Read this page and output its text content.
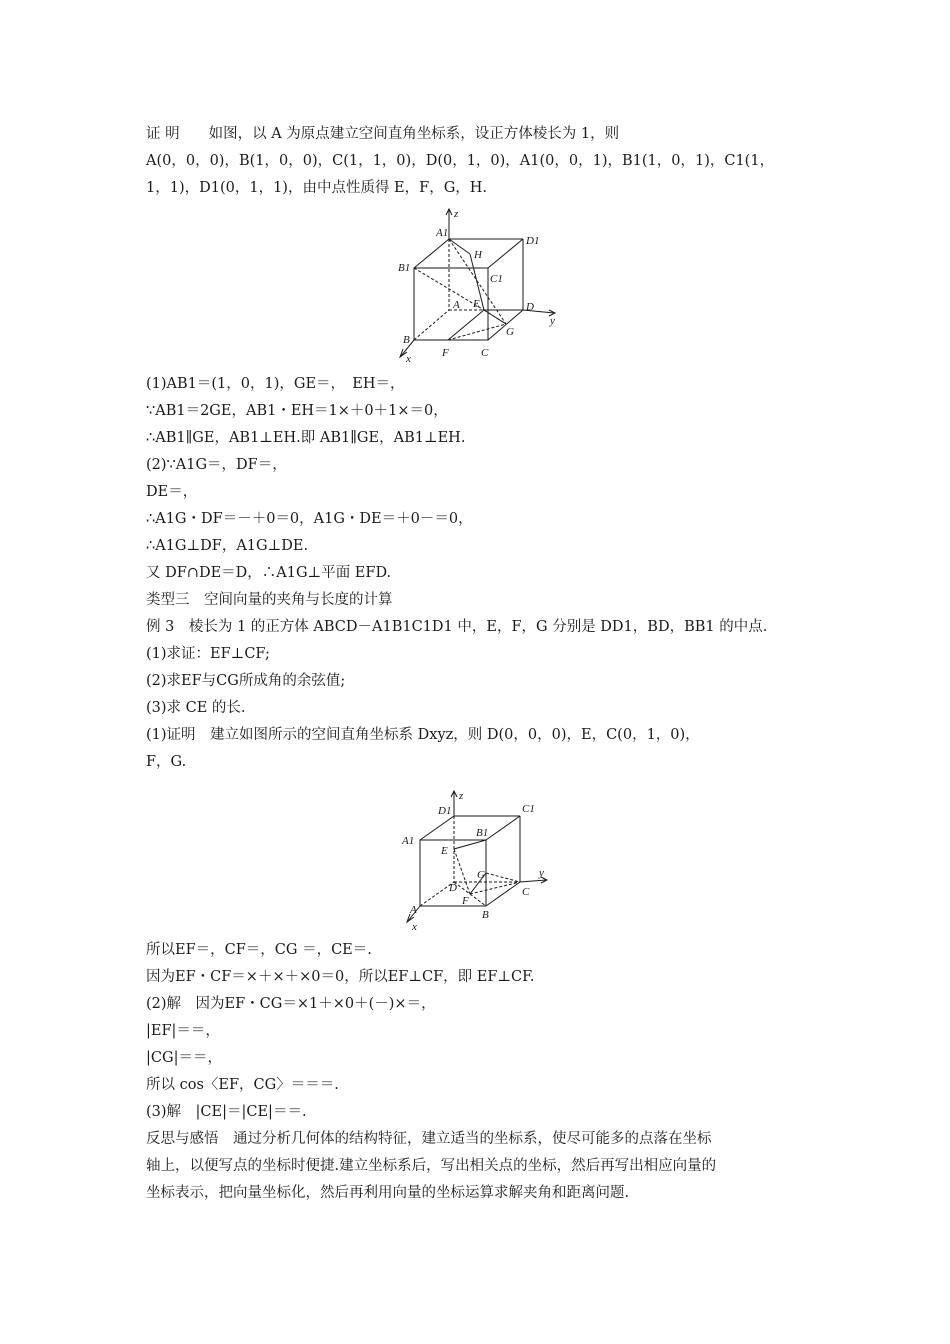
证 明　　如图，以 A 为原点建立空间直角坐标系，设正方体棱长为 1，则
A(0，0，0)，B(1，0，0)，C(1，1，0)，D(0，1，0)，A1(0，0，1)，B1(1，0，1)，C1(1，
1，1)，D1(0，1，1)，由中点性质得 E，F，G，H.
(1)AB1＝(1，0，1)，GE＝，　EH＝，
∵AB1＝2GE，AB1・EH＝1×＋0＋1×＝0，
∴AB1∥GE，AB1⊥EH.即 AB1∥GE，AB1⊥EH.
(2)∵A1G＝，DF＝，
DE＝，
∴A1G・DF＝－＋0＝0，A1G・DE＝＋0－＝0，
∴A1G⊥DF，A1G⊥DE.
又 DF∩DE＝D，∴A1G⊥平面 EFD.
类型三　空间向量的夹角与长度的计算
例 3　棱长为 1 的正方体 ABCD－A1B1C1D1 中，E，F，G 分别是 DD1，BD，BB1 的中点.
(1)求证：EF⊥CF;
(2)求EF与CG所成角的余弦值;
(3)求 CE 的长.
(1)证明　建立如图所示的空间直角坐标系 Dxyz，则 D(0，0，0)，E，C(0，1，0)，
F，G.
所以EF＝，CF＝，CG ＝，CE＝.
因为EF・CF＝×＋×＋×0＝0，所以EF⊥CF，即 EF⊥CF.
(2)解　因为EF・CG＝×1＋×0＋(－)×＝，
|EF|＝＝，
|CG|＝＝，
所以 cos〈EF，CG〉＝＝＝.
(3)解　|CE|＝|CE|＝＝.
反思与感悟　通过分析几何体的结构特征，建立适当的坐标系，使尽可能多的点落在坐标
轴上，以便写点的坐标时便捷.建立坐标系后，写出相关点的坐标，然后再写出相应向量的
坐标表示，把向量坐标化，然后再利用向量的坐标运算求解夹角和距离问题.
z
A1
D1
B1
H
C1
A E	D
y
G
B
F	C
x
D1
z
C1
A1
B1
E
G	y
D	C
F
A	B
x
